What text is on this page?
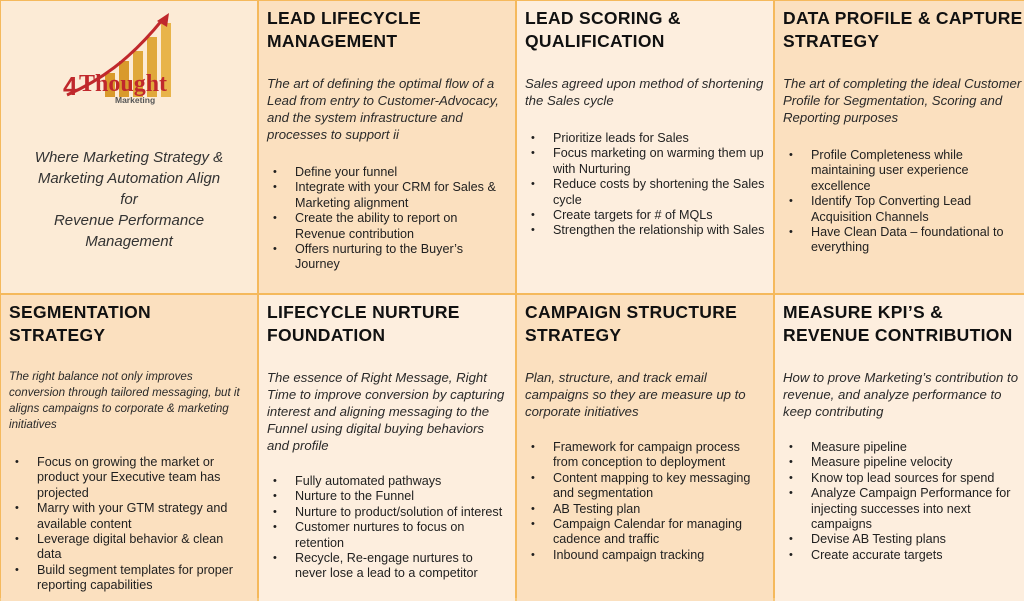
4 Thought
Marketing
Where Marketing Strategy &
Marketing Automation Align
for
Revenue Performance
Management
LEAD LIFECYCLE MANAGEMENT
The art of defining the optimal flow of a Lead from entry to Customer-Advocacy, and the system infrastructure and processes to support ii
• Define your funnel
• Integrate with your CRM for Sales & Marketing alignment
• Create the ability to report on Revenue contribution
• Offers nurturing to the Buyer’s Journey
LEAD SCORING & QUALIFICATION
Sales agreed upon method of shortening the Sales cycle
• Prioritize leads for Sales
• Focus marketing on warming them up with Nurturing
• Reduce costs by shortening the Sales cycle
• Create targets for # of MQLs
• Strengthen the relationship with Sales
DATA PROFILE & CAPTURE STRATEGY
The art of completing the ideal Customer Profile for Segmentation, Scoring and Reporting purposes
• Profile Completeness while maintaining user experience excellence
• Identify Top Converting Lead Acquisition Channels
• Have Clean Data – foundational to everything
SEGMENTATION STRATEGY
The right balance not only improves conversion through tailored messaging, but it aligns campaigns to corporate & marketing initiatives
• Focus on growing the market or product your Executive team has projected
• Marry with your GTM strategy and available content
• Leverage digital behavior & clean data
• Build segment templates for proper reporting capabilities
LIFECYCLE NURTURE FOUNDATION
The essence of Right Message, Right Time to improve conversion by capturing interest and aligning messaging to the Funnel using digital buying behaviors and profile
• Fully automated pathways
• Nurture to the Funnel
• Nurture to product/solution of interest
• Customer nurtures to focus on retention
• Recycle, Re-engage nurtures to never lose a lead to a competitor
CAMPAIGN STRUCTURE STRATEGY
Plan, structure, and track email campaigns so they are measure up to corporate initiatives
• Framework for campaign process from conception to deployment
• Content mapping to key messaging and segmentation
• AB Testing plan
• Campaign Calendar for managing cadence and traffic
• Inbound campaign tracking
MEASURE KPI’S & REVENUE CONTRIBUTION
How to prove Marketing’s contribution to revenue, and analyze performance to keep contributing
• Measure pipeline
• Measure pipeline velocity
• Know top lead sources for spend
• Analyze Campaign Performance for injecting successes into next campaigns
• Devise AB Testing plans
• Create accurate targets
